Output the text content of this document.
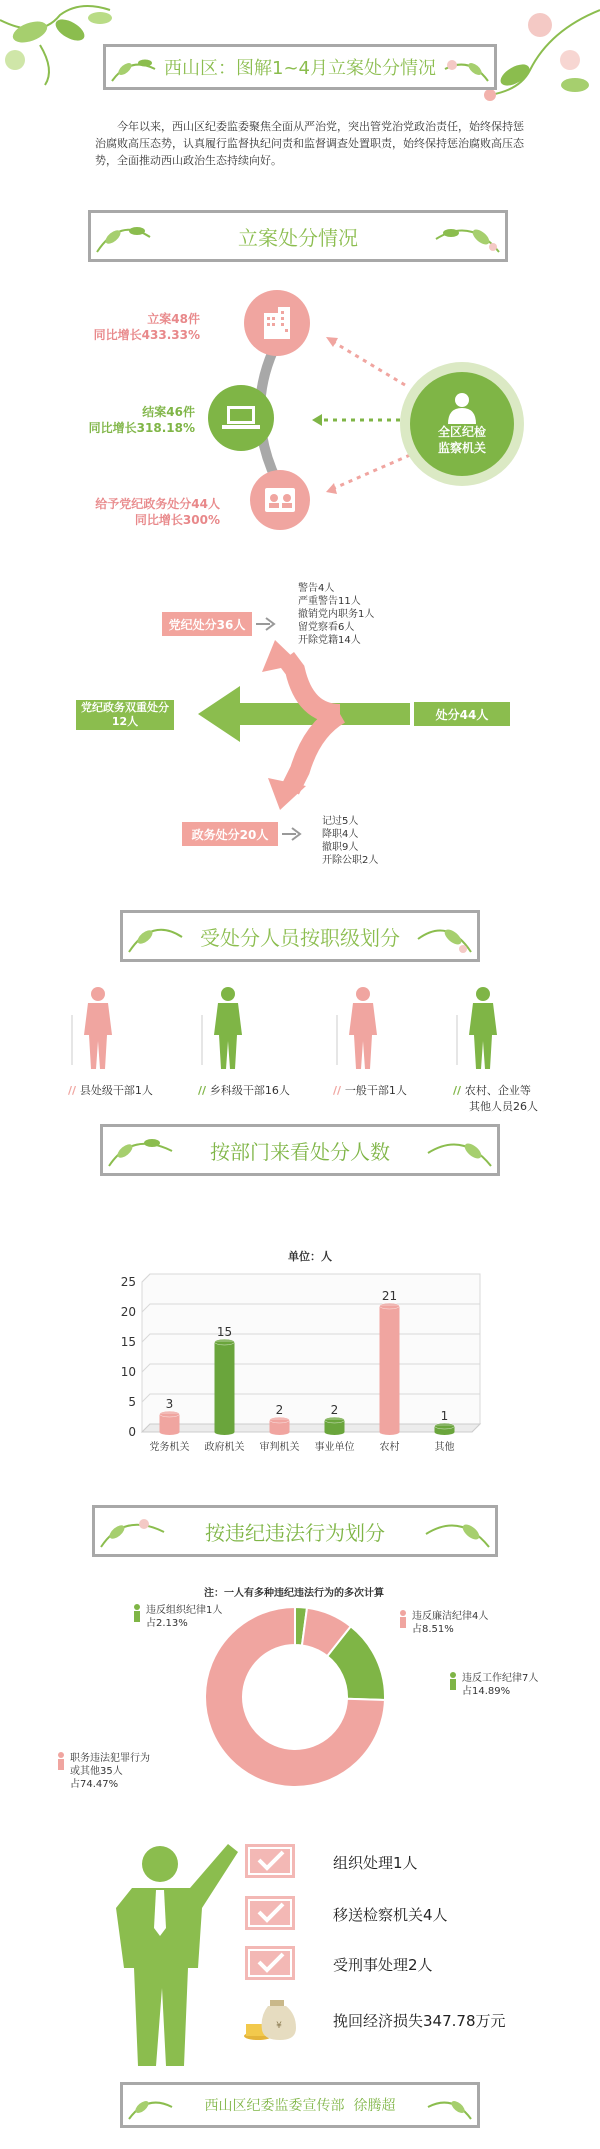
西山区：图解1~4月立案处分情况
今年以来，西山区纪委监委聚焦全面从严治党，突出管党治党政治责任，始终保持惩治腐败高压态势，认真履行监督执纪问责和监督调查处置职责，始终保持惩治腐败高压态势，全面推动西山政治生态持续向好。
立案处分情况
全区纪检
监察机关
立案48件
同比增长433.33%
结案46件
同比增长318.18%
给予党纪政务处分44人
同比增长300%
党纪处分36人
警告4人
严重警告11人
撤销党内职务1人
留党察看6人
开除党籍14人
处分44人
党纪政务双重处分
12人
政务处分20人
记过5人
降职4人
撤职9人
开除公职2人
受处分人员按职级划分
// 县处级干部1人	// 乡科级干部16人	// 一般干部1人	// 农村、企业等
其他人员26人
按部门来看处分人数
单位：人
0
5
10
15
20
25
3
党务机关
15
政府机关
2
审判机关
2
事业单位
21
农村
1
其他
按违纪违法行为划分
注：一人有多种违纪违法行为的多次计算
违反组织纪律1人
占2.13%
违反廉洁纪律4人
占8.51%
违反工作纪律7人
占14.89%
职务违法犯罪行为
或其他35人
占74.47%
组织处理1人
移送检察机关4人
受刑事处理2人
挽回经济损失347.78万元
¥
西山区纪委监委宣传部  徐腾超
